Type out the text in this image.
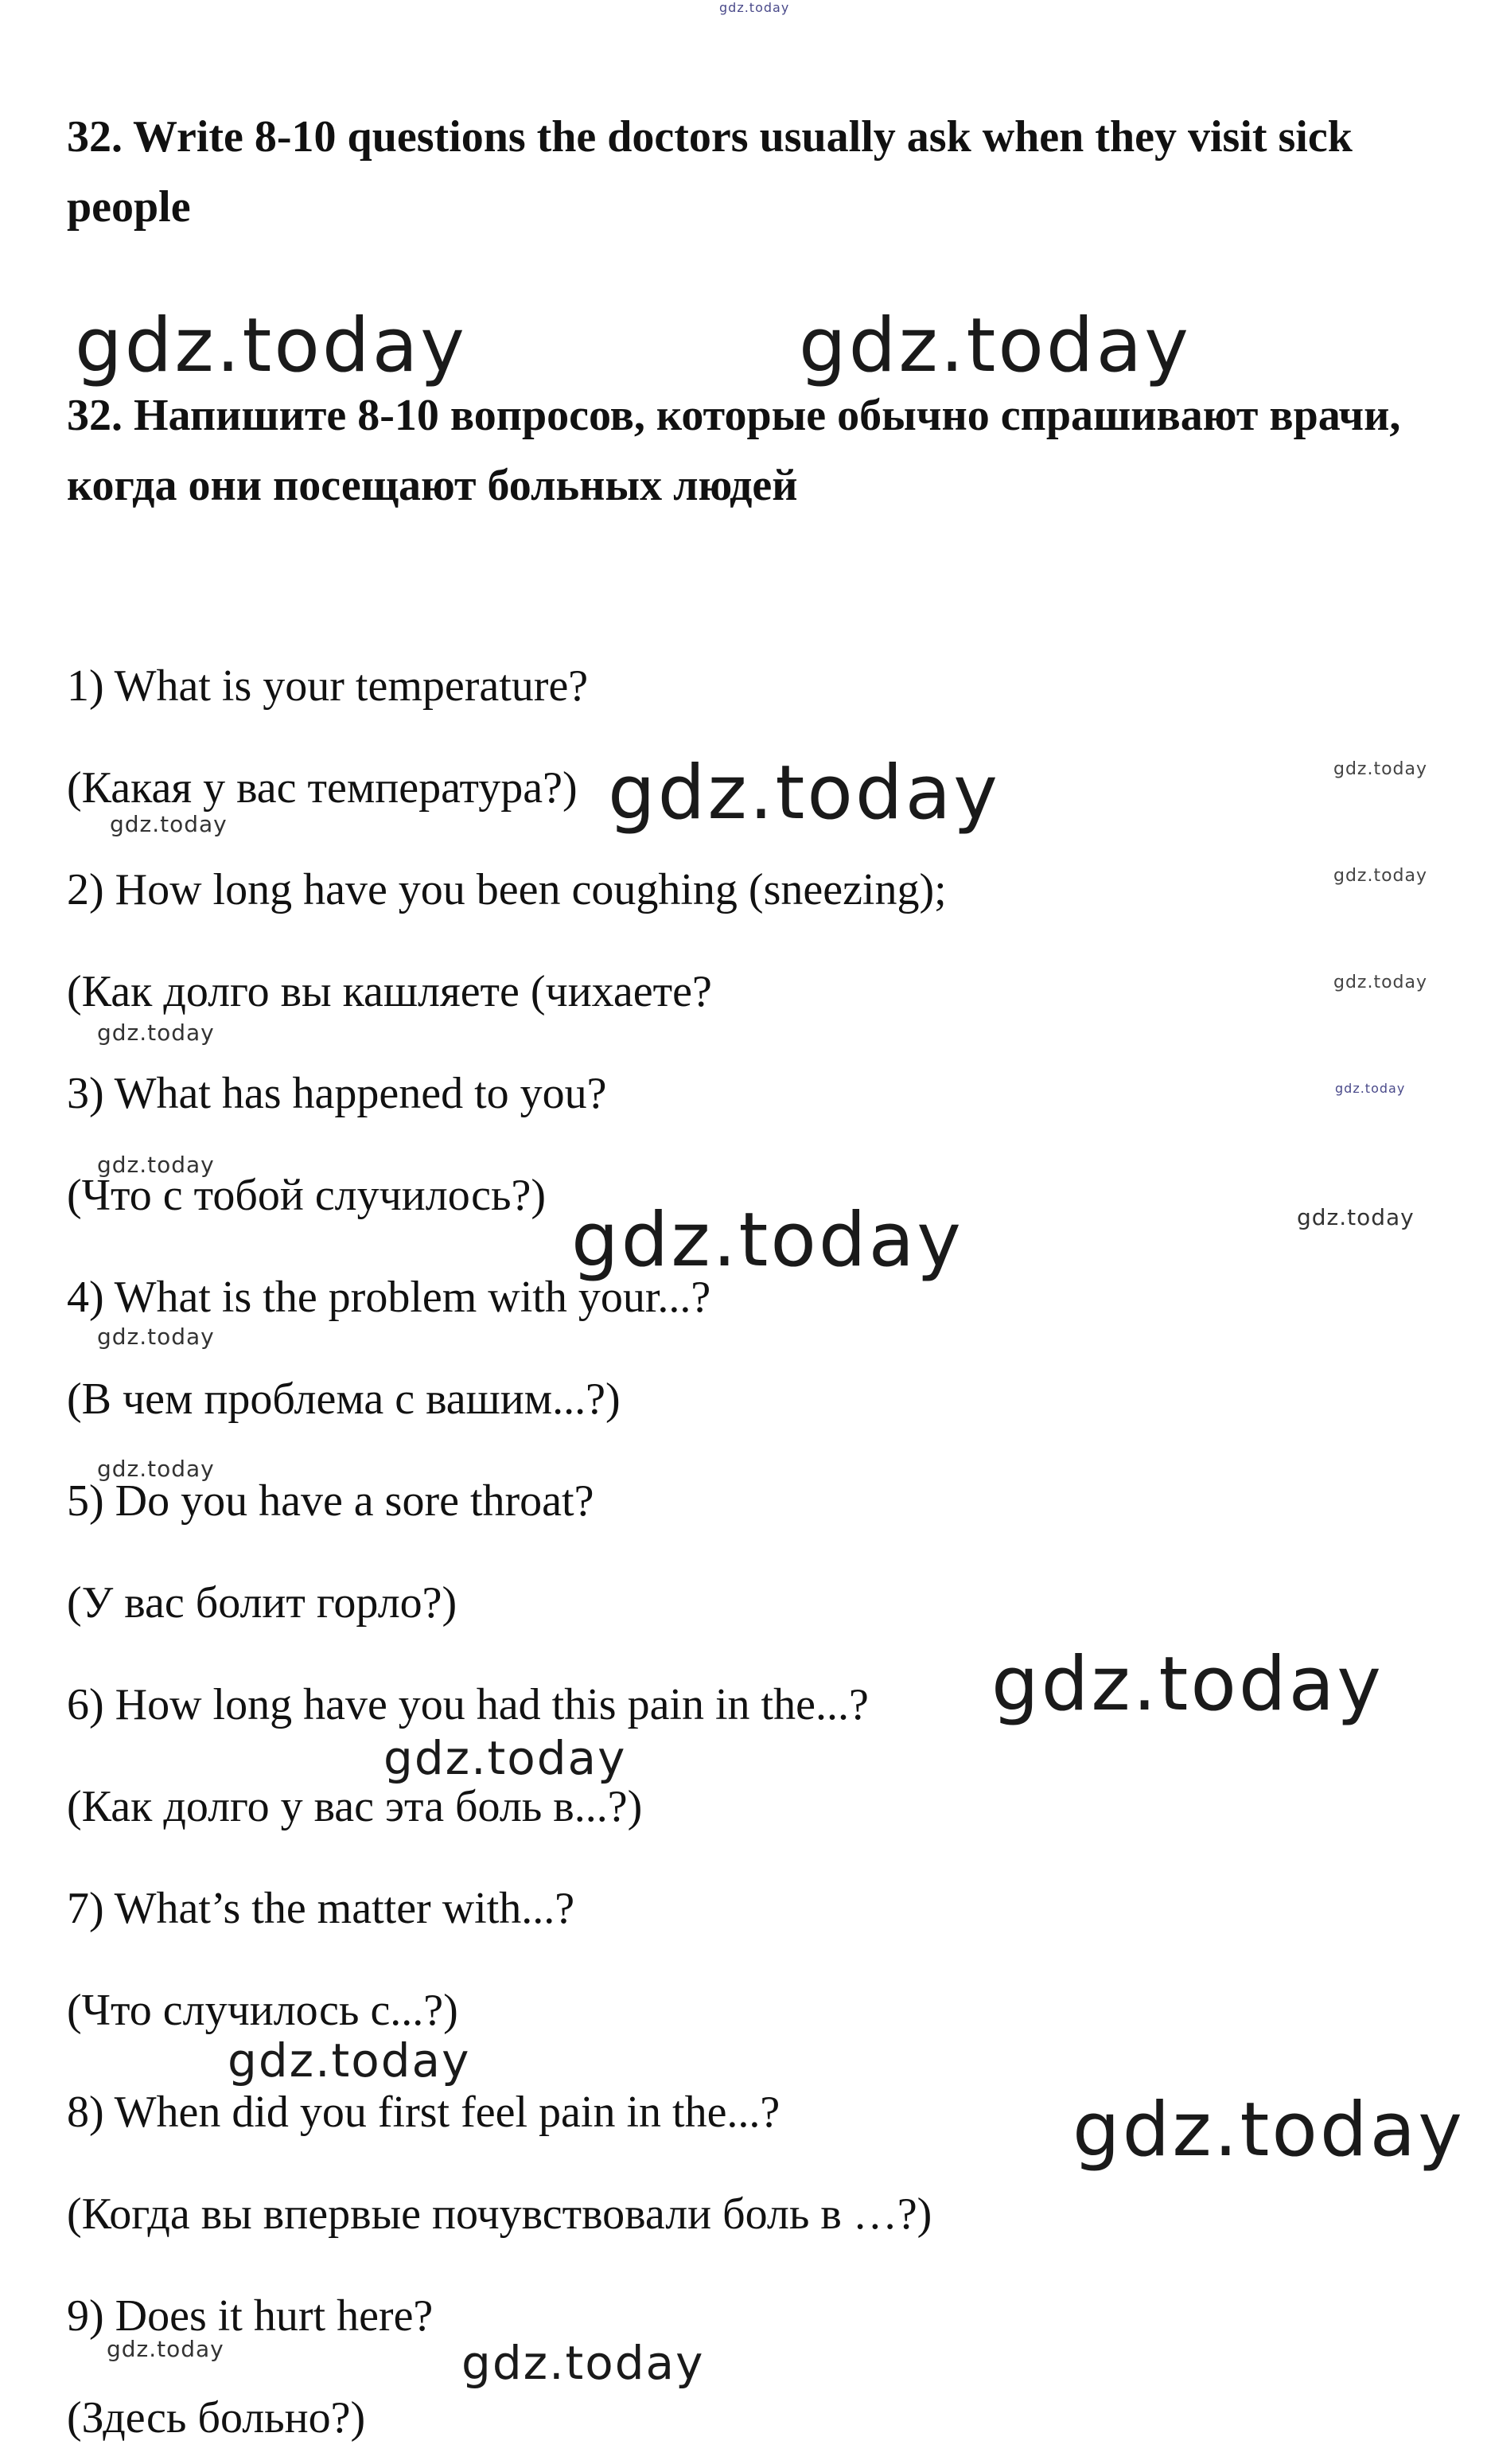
gdz.today

32. Write 8-10 questions the doctors usually ask when they visit sick people

gdz.today	gdz.today

32. Напишите 8-10 вопросов, которые обычно спрашивают врачи, когда они посещают больных людей

1) What is your temperature?

(Какая у вас температура?) gdz.today
gdz.today
gdz.today

2) How long have you been coughing (sneezing);	gdz.today

(Как долго вы кашляете (чихаете?	gdz.today
gdz.today

3) What has happened to you?	gdz.today
gdz.today

(Что с тобой случилось?)

gdz.today	gdz.today

4) What is the problem with your...?

gdz.today

(В чем проблема с вашим...?)

gdz.today

5) Do you have a sore throat?

(У вас болит горло?)

gdz.today

6) How long have you had this pain in the...?

gdz.today

(Как долго у вас эта боль в...?)

7) What’s the matter with...?

(Что случилось с...?)

gdz.today

8) When did you first feel pain in the...?	gdz.today

(Когда вы впервые почувствовали боль в …?)

9) Does it hurt here?

gdz.today	gdz.today

(Здесь больно?)
